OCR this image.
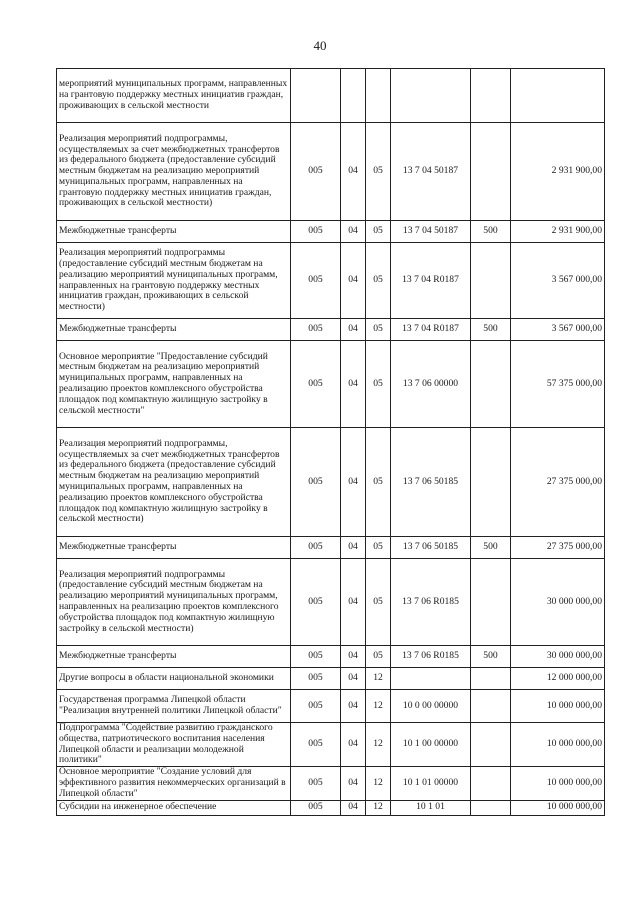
40
мероприятий муниципальных программ, направленных на грантовую поддержку местных инициатив граждан, проживающих в сельской местности						
Реализация мероприятий подпрограммы, осуществляемых за счет межбюджетных трансфертов из федерального бюджета (предоставление субсидий местным бюджетам на реализацию мероприятий муниципальных программ, направленных на грантовую поддержку местных инициатив граждан, проживающих в сельской местности)	005	04	05	13 7 04 50187		2 931 900,00
Межбюджетные трансферты	005	04	05	13 7 04 50187	500	2 931 900,00
Реализация мероприятий подпрограммы (предоставление субсидий местным бюджетам на реализацию мероприятий муниципальных программ, направленных на грантовую поддержку местных инициатив граждан, проживающих в сельской местности)	005	04	05	13 7 04 R0187		3 567 000,00
Межбюджетные трансферты	005	04	05	13 7 04 R0187	500	3 567 000,00
Основное мероприятие "Предоставление субсидий местным бюджетам на реализацию мероприятий муниципальных программ, направленных на реализацию проектов комплексного обустройства площадок под компактную жилищную застройку в сельской местности"	005	04	05	13 7 06 00000		57 375 000,00
Реализация мероприятий подпрограммы, осуществляемых за счет межбюджетных трансфертов из федерального бюджета (предоставление субсидий местным бюджетам на реализацию мероприятий муниципальных программ, направленных на реализацию проектов комплексного обустройства площадок под компактную жилищную застройку в сельской местности)	005	04	05	13 7 06 50185		27 375 000,00
Межбюджетные трансферты	005	04	05	13 7 06 50185	500	27 375 000,00
Реализация мероприятий подпрограммы (предоставление субсидий местным бюджетам на реализацию мероприятий муниципальных программ, направленных на реализацию проектов комплексного обустройства площадок под компактную жилищную застройку в сельской местности)	005	04	05	13 7 06 R0185		30 000 000,00
Межбюджетные трансферты	005	04	05	13 7 06 R0185	500	30 000 000,00
Другие вопросы в области национальной экономики	005	04	12			12 000 000,00
Государственая программа Липецкой области "Реализация внутренней политики Липецкой области"	005	04	12	10 0 00 00000		10 000 000,00
Подпрограмма "Содействие развитию гражданского общества, патриотического воспитания населения Липецкой области и реализации молодежной политики"	005	04	12	10 1 00 00000		10 000 000,00
Основное мероприятие "Создание условий для эффективного развития некоммерческих организаций в Липецкой области"	005	04	12	10 1 01 00000		10 000 000,00
Субсидии на инженерное обеспечение	005	04	12	10 1 01		10 000 000,00
